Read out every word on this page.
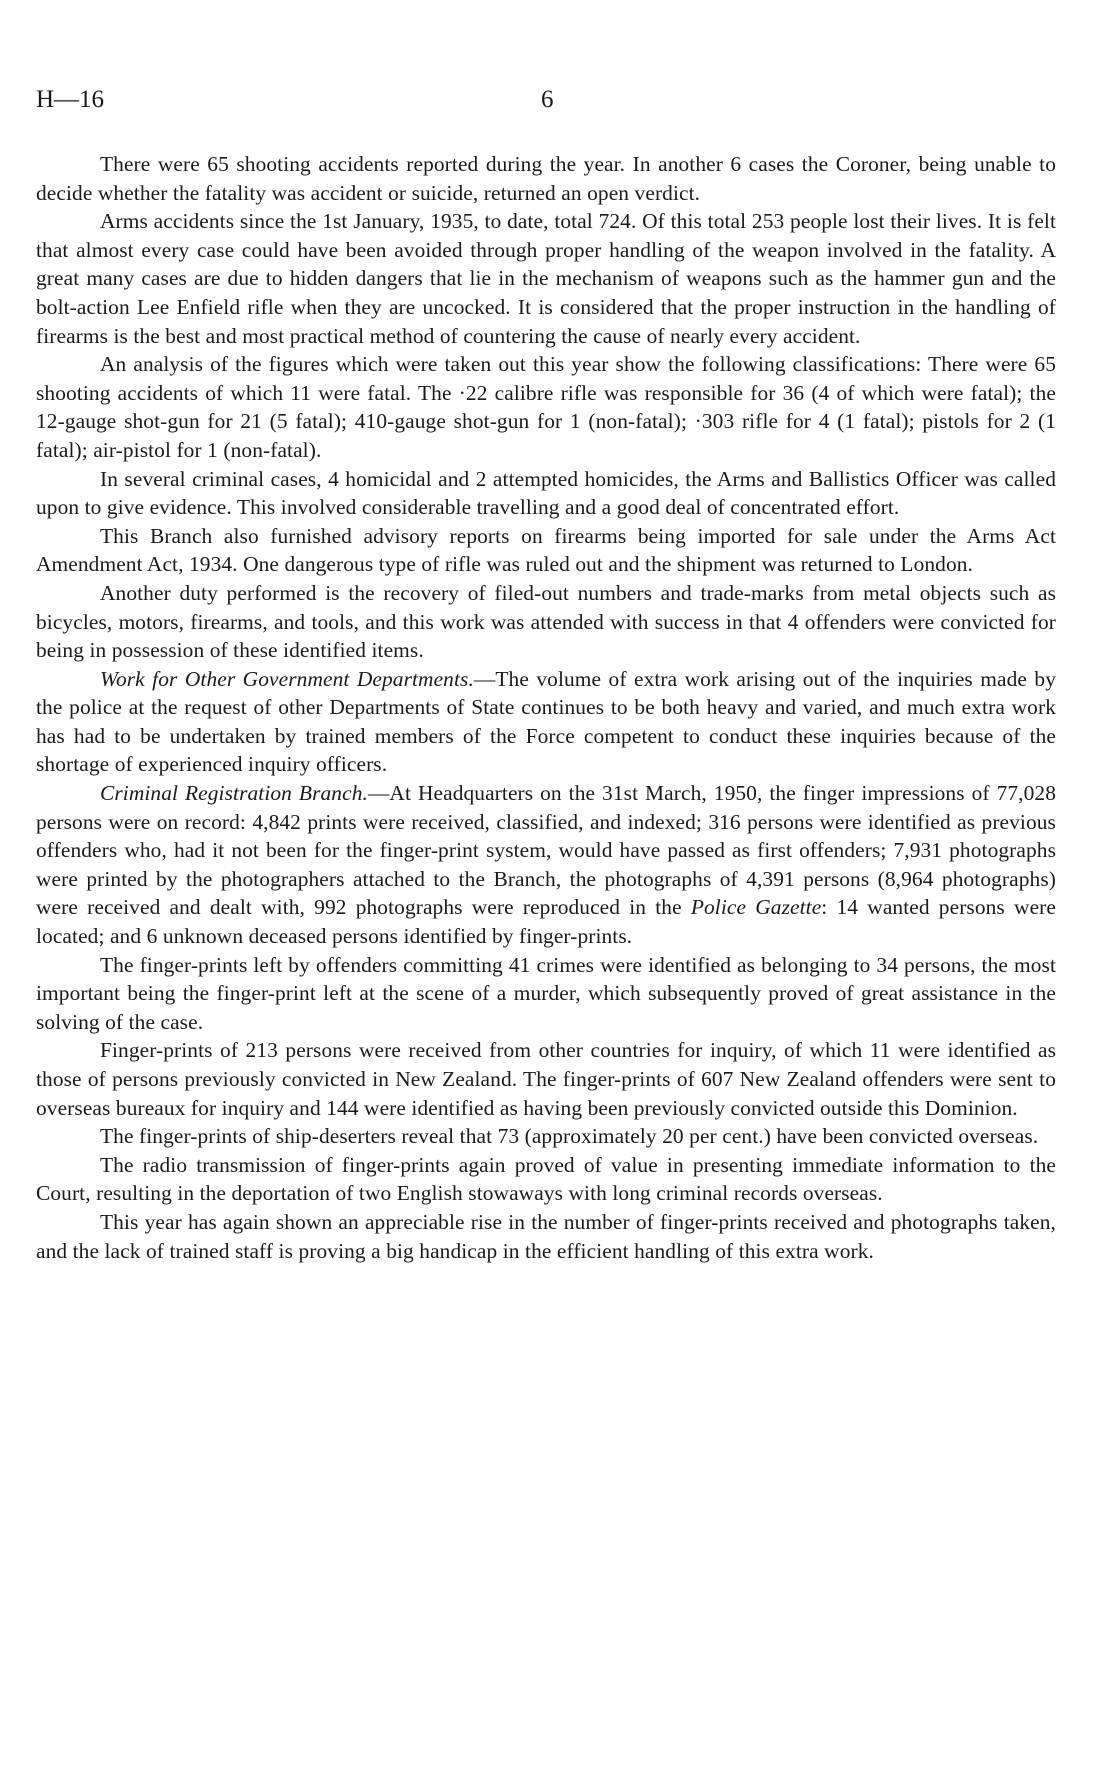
H—16	6

There were 65 shooting accidents reported during the year. In another 6 cases the Coroner, being unable to decide whether the fatality was accident or suicide, returned an open verdict.

Arms accidents since the 1st January, 1935, to date, total 724. Of this total 253 people lost their lives. It is felt that almost every case could have been avoided through proper handling of the weapon involved in the fatality. A great many cases are due to hidden dangers that lie in the mechanism of weapons such as the hammer gun and the bolt-action Lee Enfield rifle when they are uncocked. It is considered that the proper instruction in the handling of firearms is the best and most practical method of countering the cause of nearly every accident.

An analysis of the figures which were taken out this year show the following classifications: There were 65 shooting accidents of which 11 were fatal. The ·22 calibre rifle was responsible for 36 (4 of which were fatal); the 12-gauge shot-gun for 21 (5 fatal); 410-gauge shot-gun for 1 (non-fatal); ·303 rifle for 4 (1 fatal); pistols for 2 (1 fatal); air-pistol for 1 (non-fatal).

In several criminal cases, 4 homicidal and 2 attempted homicides, the Arms and Ballistics Officer was called upon to give evidence. This involved considerable travelling and a good deal of concentrated effort.

This Branch also furnished advisory reports on firearms being imported for sale under the Arms Act Amendment Act, 1934. One dangerous type of rifle was ruled out and the shipment was returned to London.

Another duty performed is the recovery of filed-out numbers and trade-marks from metal objects such as bicycles, motors, firearms, and tools, and this work was attended with success in that 4 offenders were convicted for being in possession of these identified items.

Work for Other Government Departments.—The volume of extra work arising out of the inquiries made by the police at the request of other Departments of State continues to be both heavy and varied, and much extra work has had to be undertaken by trained members of the Force competent to conduct these inquiries because of the shortage of experienced inquiry officers.

Criminal Registration Branch.—At Headquarters on the 31st March, 1950, the finger impressions of 77,028 persons were on record: 4,842 prints were received, classified, and indexed; 316 persons were identified as previous offenders who, had it not been for the finger-print system, would have passed as first offenders; 7,931 photographs were printed by the photographers attached to the Branch, the photographs of 4,391 persons (8,964 photographs) were received and dealt with, 992 photographs were reproduced in the Police Gazette: 14 wanted persons were located; and 6 unknown deceased persons identified by finger-prints.

The finger-prints left by offenders committing 41 crimes were identified as belonging to 34 persons, the most important being the finger-print left at the scene of a murder, which subsequently proved of great assistance in the solving of the case.

Finger-prints of 213 persons were received from other countries for inquiry, of which 11 were identified as those of persons previously convicted in New Zealand. The finger-prints of 607 New Zealand offenders were sent to overseas bureaux for inquiry and 144 were identified as having been previously convicted outside this Dominion.

The finger-prints of ship-deserters reveal that 73 (approximately 20 per cent.) have been convicted overseas.

The radio transmission of finger-prints again proved of value in presenting immediate information to the Court, resulting in the deportation of two English stowaways with long criminal records overseas.

This year has again shown an appreciable rise in the number of finger-prints received and photographs taken, and the lack of trained staff is proving a big handicap in the efficient handling of this extra work.
